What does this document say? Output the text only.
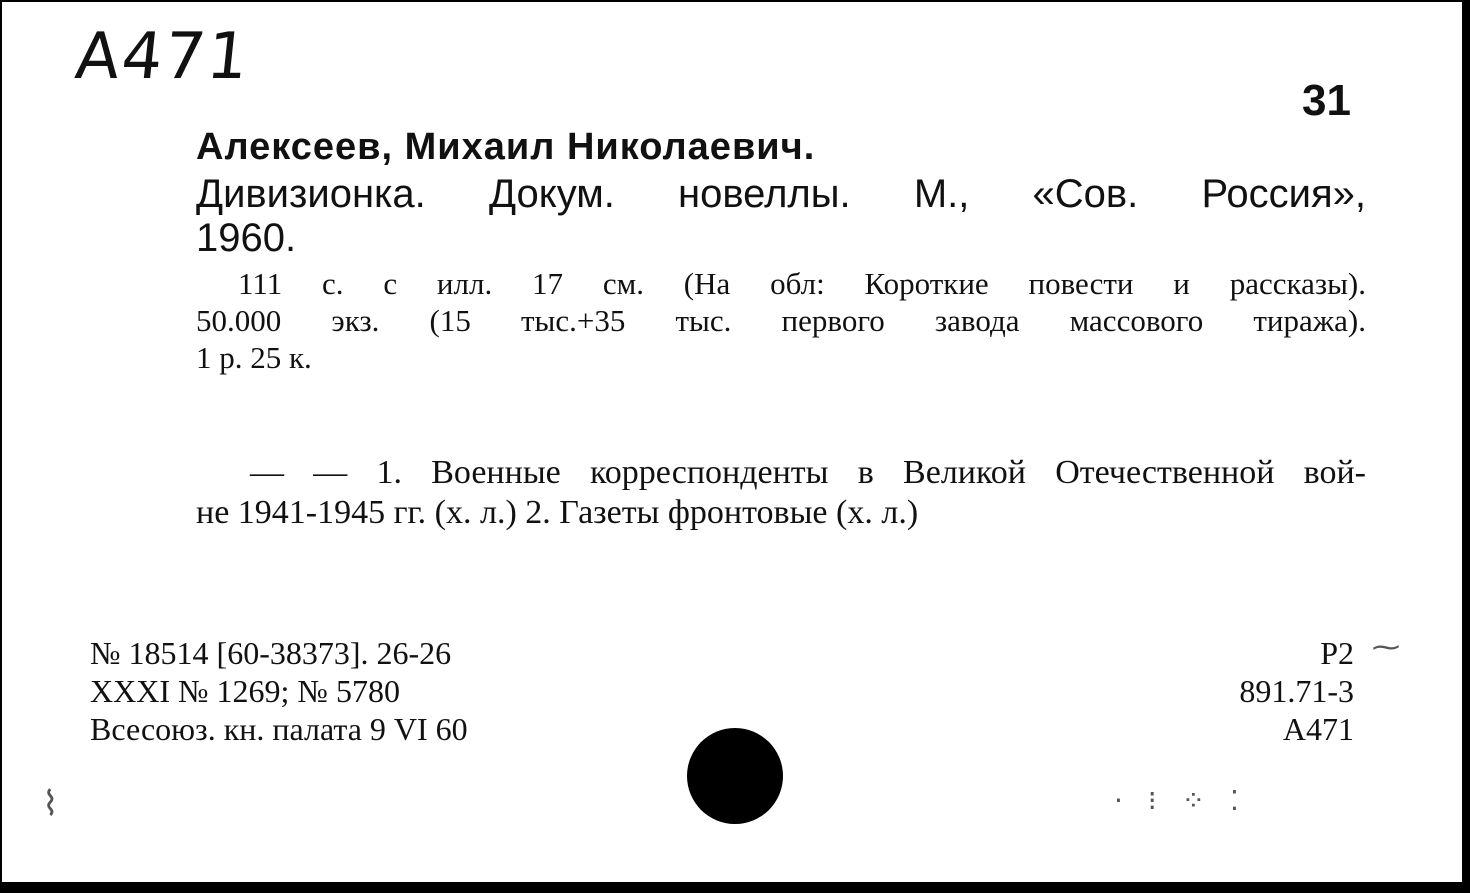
A471
31
Алексеев, Михаил Николаевич.
Дивизионка. Докум. новеллы. М., «Сов. Россия»,
1960.
111 с. с илл. 17 см. (На обл: Короткие повести и рассказы).
50.000 экз. (15 тыс.+35 тыс. первого завода массового тиража).
1 р. 25 к.
— — 1. Военные корреспонденты в Великой Отечественной вой-
не 1941-1945 гг. (х. л.) 2. Газеты фронтовые (х. л.)
№ 18514 [60-38373]. 26-26
XXXI № 1269; № 5780
Всесоюз. кн. палата 9 VI 60
Р2
891.71-3
А471
⁓
⌇	· ⁝ ⁘ ⁚
